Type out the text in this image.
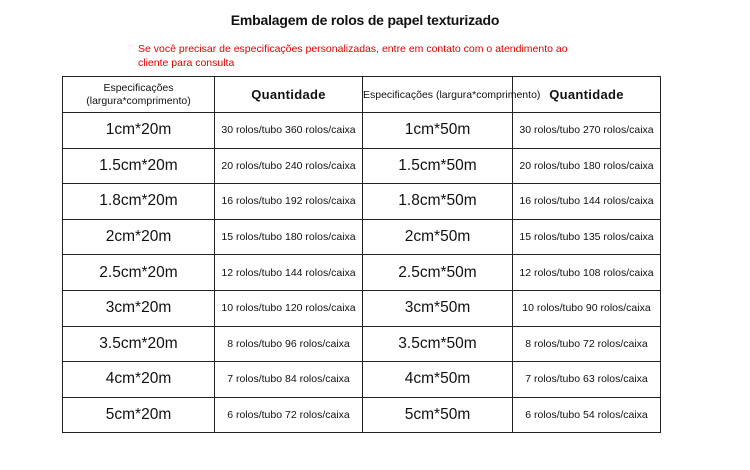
Embalagem de rolos de papel texturizado
Se você precisar de especificações personalizadas, entre em contato com o atendimento ao cliente para consulta
Especificações (largura*comprimento)	Quantidade	Especificações (largura*comprimento)	Quantidade
1cm*20m	30 rolos/tubo 360 rolos/caixa	1cm*50m	30 rolos/tubo 270 rolos/caixa
1.5cm*20m	20 rolos/tubo 240 rolos/caixa	1.5cm*50m	20 rolos/tubo 180 rolos/caixa
1.8cm*20m	16 rolos/tubo 192 rolos/caixa	1.8cm*50m	16 rolos/tubo 144 rolos/caixa
2cm*20m	15 rolos/tubo 180 rolos/caixa	2cm*50m	15 rolos/tubo 135 rolos/caixa
2.5cm*20m	12 rolos/tubo 144 rolos/caixa	2.5cm*50m	12 rolos/tubo 108 rolos/caixa
3cm*20m	10 rolos/tubo 120 rolos/caixa	3cm*50m	10 rolos/tubo 90 rolos/caixa
3.5cm*20m	8 rolos/tubo 96 rolos/caixa	3.5cm*50m	8 rolos/tubo 72 rolos/caixa
4cm*20m	7 rolos/tubo 84 rolos/caixa	4cm*50m	7 rolos/tubo 63 rolos/caixa
5cm*20m	6 rolos/tubo 72 rolos/caixa	5cm*50m	6 rolos/tubo 54 rolos/caixa
